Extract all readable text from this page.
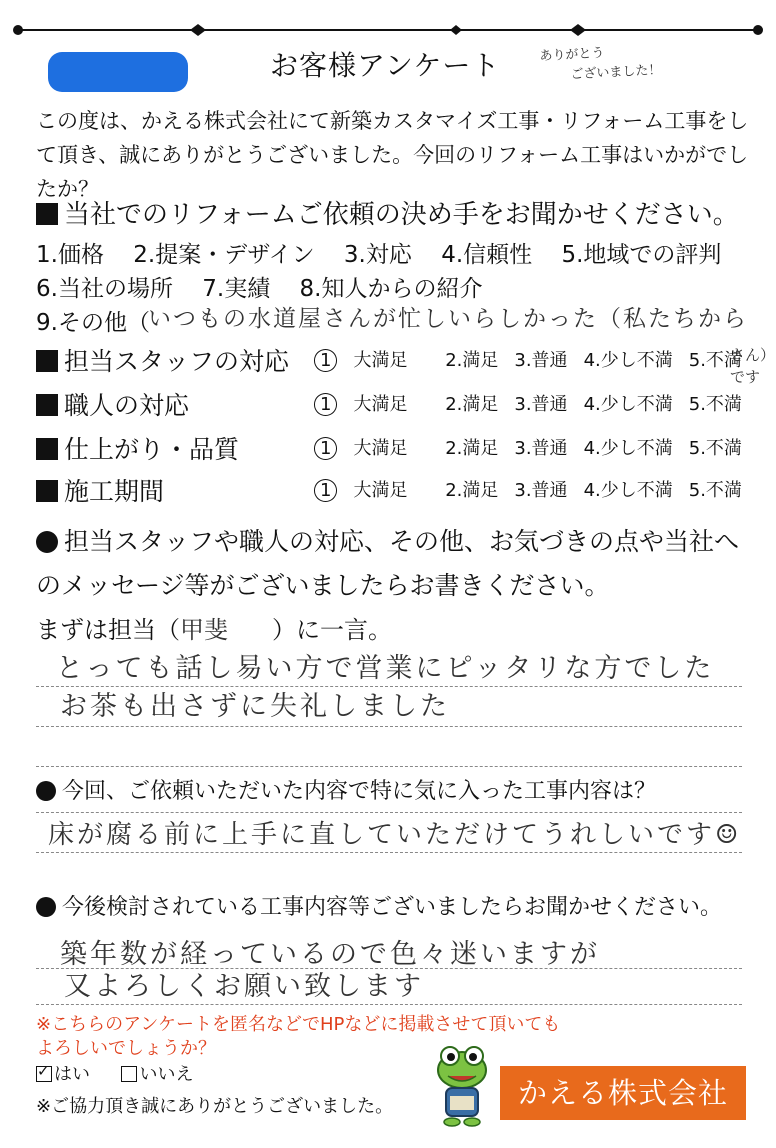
お客様アンケート	ありがとう
ございました！
この度は、かえる株式会社にて新築カスタマイズ工事・リフォーム工事をして頂き、誠にありがとうございました。今回のリフォーム工事はいかがでしたか？
当社でのリフォームご依頼の決め手をお聞かせください。
1.価格 2.提案・デザイン 3.対応 4.信頼性 5.地域での評判
6.当社の場所 7.実績 8.知人からの紹介
9.その他（
いつもの水道屋さんが忙しいらしかった（私たちから
担当スタッフの対応	1 大満足 2.満足 3.普通 4.少し不満 5.不満
職人の対応	1 大満足 2.満足 3.普通 4.少し不満 5.不満
仕上がり・品質	1 大満足 2.満足 3.普通 4.少し不満 5.不満
施工期間	1 大満足 2.満足 3.普通 4.少し不満 5.不満
さん）
です
担当スタッフや職人の対応、その他、お気づきの点や当社へのメッセージ等がございましたらお書きください。
まずは担当（甲斐 ）に一言。
とっても話し易い方で営業にピッタリな方でした
お茶も出さずに失礼しました
今回、ご依頼いただいた内容で特に気に入った工事内容は？
床が腐る前に上手に直していただけてうれしいです☺
今後検討されている工事内容等ございましたらお聞かせください。
築年数が経っているので色々迷いますが
又よろしくお願い致します
※こちらのアンケートを匿名などでHPなどに掲載させて頂いても
よろしいでしょうか？
✓はい	いいえ
※ご協力頂き誠にありがとうございました。	かえる株式会社
